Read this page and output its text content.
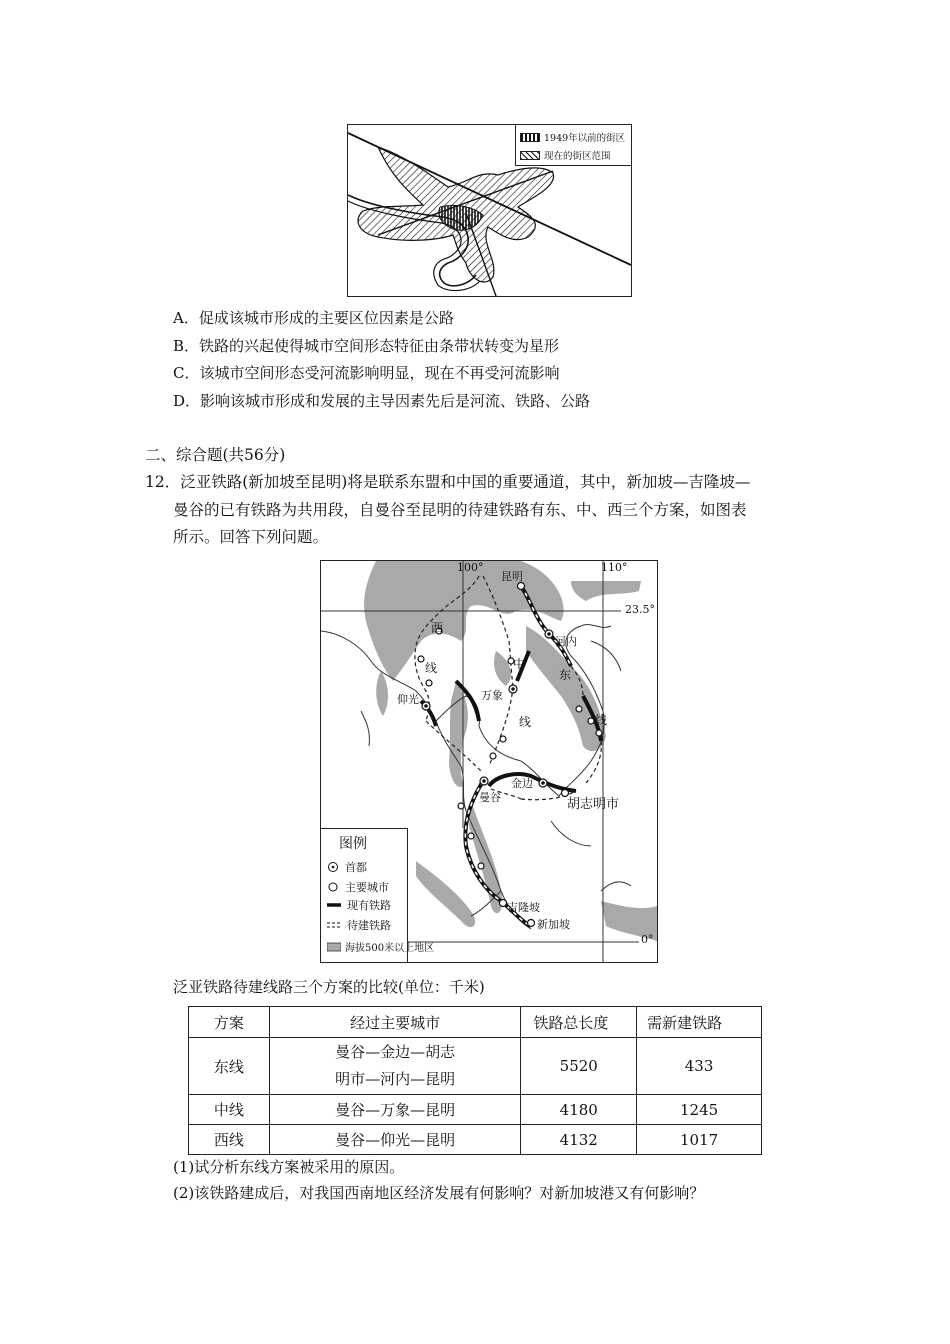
1949年以前的街区
现在的街区范围
A．促成该城市形成的主要区位因素是公路
B．铁路的兴起使得城市空间形态特征由条带状转变为星形
C．该城市空间形态受河流影响明显，现在不再受河流影响
D．影响该城市形成和发展的主导因素先后是河流、铁路、公路
二、综合题(共56分)
12．泛亚铁路(新加坡至昆明)将是联系东盟和中国的重要通道，其中，新加坡—吉隆坡—
曼谷的已有铁路为共用段，自曼谷至昆明的待建铁路有东、中、西三个方案，如图表
所示。回答下列问题。
100°	110°
23.5°
0°
昆明
河内
仰光	万象
曼谷
金边
胡志明市
吉隆坡
新加坡
西
线	中
线
东
线
图例
首都
主要城市
现有铁路
待建铁路
海拔500米以上地区
泛亚铁路待建线路三个方案的比较(单位：千米)
方案	经过主要城市	铁路总长度	需新建铁路
东线	曼谷—金边—胡志
明市—河内—昆明	5520	433
中线	曼谷—万象—昆明	4180	1245
西线	曼谷—仰光—昆明	4132	1017
(1)试分析东线方案被采用的原因。
(2)该铁路建成后，对我国西南地区经济发展有何影响？对新加坡港又有何影响？
